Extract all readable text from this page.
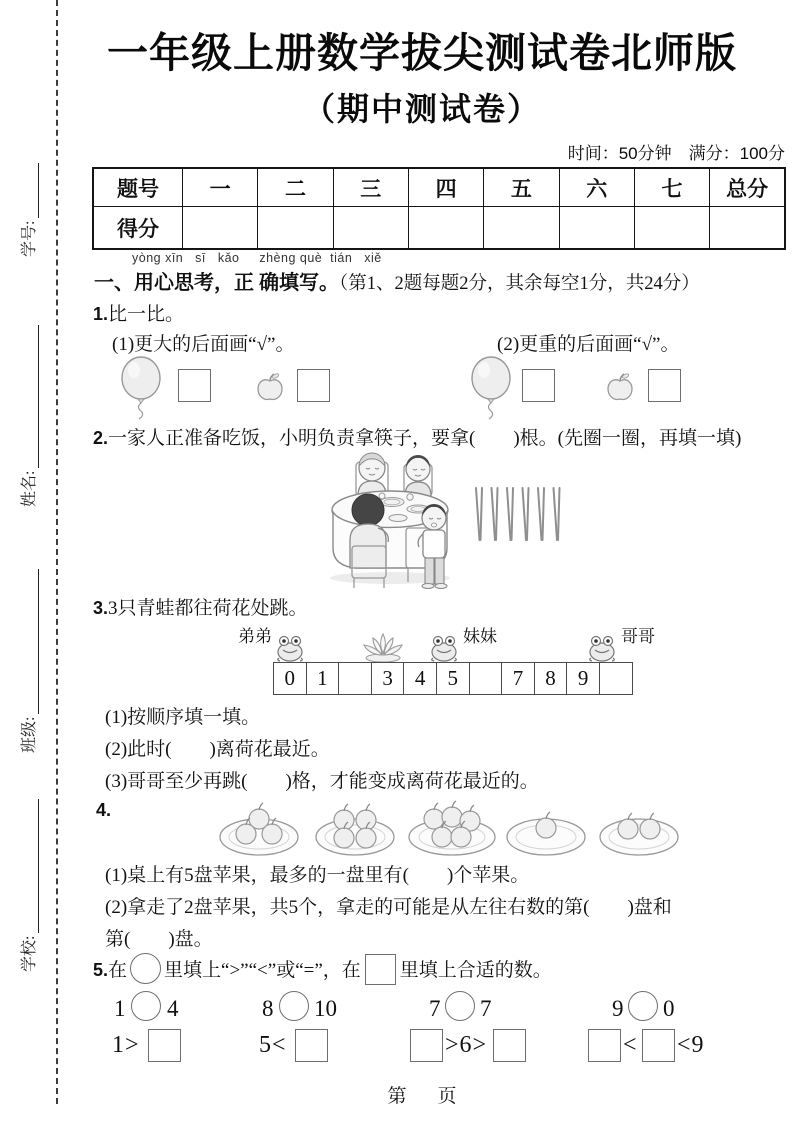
学校:
班级:
姓名:
学号:
一年级上册数学拔尖测试卷北师版
（期中测试卷）
时间：50分钟　满分：100分
题号	一	二	三	四	五	六	七	总分
得分								
yòng xīn   sī   kǎo     zhèng què  tián   xiě
一、用心思考，正 确填写。（第1、2题每题2分，其余每空1分，共24分）
1.比一比。
(1)更大的后面画“√”。	(2)更重的后面画“√”。
2.一家人正准备吃饭，小明负责拿筷子，要拿(　　)根。(先圈一圈，再填一填)
3.3只青蛙都往荷花处跳。
弟弟	妹妹	哥哥
0	1	3	4	5	7	8	9
(1)按顺序填一填。
(2)此时(　　)离荷花最近。
(3)哥哥至少再跳(　　)格，才能变成离荷花最近的。
4.
(1)桌上有5盘苹果，最多的一盘里有(　　)个苹果。
(2)拿走了2盘苹果，共5个，拿走的可能是从左往右数的第(　　)盘和
第(　　)盘。
5.在 里填上“>”“<”或“=”，在 里填上合适的数。
1 4	8 10	7 7	9 0
1>	5<	>6>	< <9
第　页
